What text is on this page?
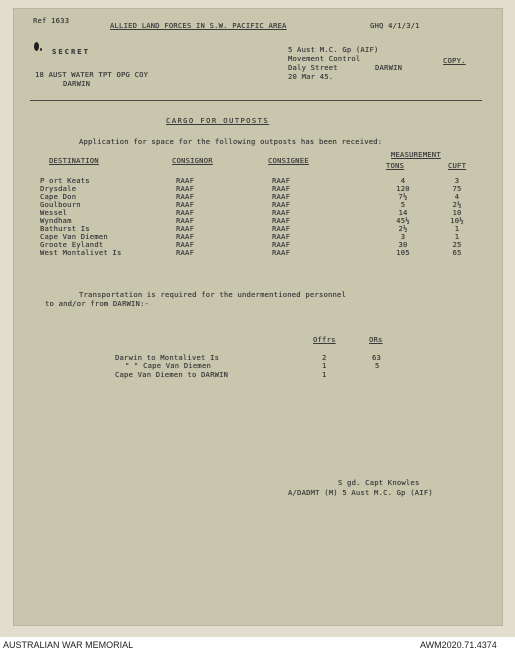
Ref 1633
ALLIED LAND FORCES IN S.W. PACIFIC AREA	GHQ 4/1/3/1
SECRET
18 AUST WATER TPT OPG COY
DARWIN
5 Aust M.C. Gp (AIF)
Movement Control
Daly Street	DARWIN
20 Mar 45.
COPY.
CARGO FOR OUTPOSTS
Application for space for the following outposts has been received:
DESTINATION	CONSIGNOR	CONSIGNEE
MEASUREMENT
TONS	CUFT
P ort Keats	RAAF	RAAF	4	3
Drysdale	RAAF	RAAF	120	75
Cape Don	RAAF	RAAF	7½	4
Goulbourn	RAAF	RAAF	5	2½
Wessel	RAAF	RAAF	14	10
Wyndham	RAAF	RAAF	45½	10½
Bathurst Is	RAAF	RAAF	2½	1
Cape Van Diemen	RAAF	RAAF	3	1
Groote Eylandt	RAAF	RAAF	30	25
West Montalivet Is	RAAF	RAAF	105	65
Transportation is required for the undermentioned personnel
to and/or from DARWIN:-
Offrs	ORs
Darwin to Montalivet Is	2	63
" " Cape Van Diemen	1	5
Cape Van Diemen to DARWIN	1
S gd. Capt Knowles
A/DADMT (M) 5 Aust M.C. Gp (AIF)
AUSTRALIAN WAR MEMORIAL	AWM2020.71.4374
